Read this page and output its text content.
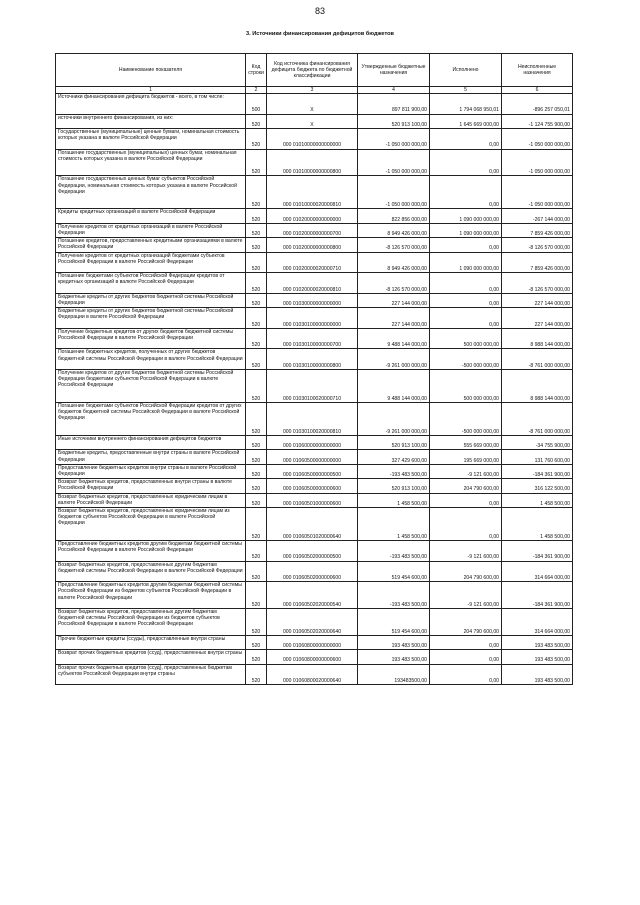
83
3. Источники финансирования дефицитов бюджетов
Наименование показателя	Код строки	Код источника финансирования дефицита бюджета по бюджетной классификации	Утвержденные бюджетные назначения	Исполнено	Неисполненные назначения
1	2	3	4	5	6
Источники финансирования дефицита бюджетов - всего, в том числе:	500	X	897 811 900,00	1 794 068 950,01	-896 257 050,01
источники внутреннего финансирования, из них:	520	X	520 913 100,00	1 645 669 000,00	-1 124 755 900,00
Государственные (муниципальные) ценные бумаги, номинальная стоимость которых указана в валюте Российской Федерации	520	000 01010000000000000	-1 050 000 000,00	0,00	-1 050 000 000,00
Погашение государственных (муниципальных) ценных бумаг, номинальная стоимость которых указана в валюте Российской Федерации	520	000 01010000000000800	-1 050 000 000,00	0,00	-1 050 000 000,00
Погашение государственных ценных бумаг субъектов Российской Федерации, номинальная стоимость которых указана в валюте Российской Федерации	520	000 01010000020000810	-1 050 000 000,00	0,00	-1 050 000 000,00
Кредиты кредитных организаций в валюте Российской Федерации	520	000 01020000000000000	822 856 000,00	1 090 000 000,00	-267 144 000,00
Получение кредитов от кредитных организаций в валюте Российской Федерации	520	000 01020000000000700	8 949 426 000,00	1 090 000 000,00	7 859 426 000,00
Погашение кредитов, предоставленных кредитными организациями в валюте Российской Федерации	520	000 01020000000000800	-8 126 570 000,00	0,00	-8 126 570 000,00
Получение кредитов от кредитных организаций бюджетами субъектов Российской Федерации в валюте Российской Федерации	520	000 01020000020000710	8 949 426 000,00	1 090 000 000,00	7 859 426 000,00
Погашение бюджетами субъектов Российской Федерации кредитов от кредитных организаций в валюте Российской Федерации	520	000 01020000020000810	-8 126 570 000,00	0,00	-8 126 570 000,00
Бюджетные кредиты от других бюджетов бюджетной системы Российской Федерации	520	000 01030000000000000	227 144 000,00	0,00	227 144 000,00
Бюджетные кредиты от других бюджетов бюджетной системы Российской Федерации в валюте Российской Федерации	520	000 01030100000000000	227 144 000,00	0,00	227 144 000,00
Получение бюджетных кредитов от других бюджетов бюджетной системы Российской Федерации в валюте Российской Федерации	520	000 01030100000000700	9 488 144 000,00	500 000 000,00	8 988 144 000,00
Погашение бюджетных кредитов, полученных от других бюджетов бюджетной системы Российской Федерации в валюте Российской Федерации	520	000 01030100000000800	-9 261 000 000,00	-500 000 000,00	-8 761 000 000,00
Получение кредитов от других бюджетов бюджетной системы Российской Федерации бюджетами субъектов Российской Федерации в валюте Российской Федерации	520	000 01030100020000710	9 488 144 000,00	500 000 000,00	8 988 144 000,00
Погашение бюджетами субъектов Российской Федерации кредитов от других бюджетов бюджетной системы Российской Федерации в валюте Российской Федерации	520	000 01030100020000810	-9 261 000 000,00	-500 000 000,00	-8 761 000 000,00
Иные источники внутреннего финансирования дефицитов бюджетов	520	000 01060000000000000	520 913 100,00	555 669 000,00	-34 755 900,00
Бюджетные кредиты, предоставленные внутри страны в валюте Российской Федерации	520	000 01060500000000000	327 429 600,00	195 669 000,00	131 760 600,00
Предоставление бюджетных кредитов внутри страны в валюте Российской Федерации	520	000 01060500000000500	-193 483 500,00	-9 121 600,00	-184 361 900,00
Возврат бюджетных кредитов, предоставленных внутри страны в валюте Российской Федерации	520	000 01060500000000600	520 913 100,00	204 790 600,00	316 122 500,00
Возврат бюджетных кредитов, предоставленных юридическим лицам в валюте Российской Федерации	520	000 01060501000000600	1 458 500,00	0,00	1 458 500,00
Возврат бюджетных кредитов, предоставленных юридическим лицам из бюджетов субъектов Российской Федерации в валюте Российской Федерации	520	000 01060501020000640	1 458 500,00	0,00	1 458 500,00
Предоставление бюджетных кредитов другим бюджетам бюджетной системы Российской Федерации в валюте Российской Федерации	520	000 01060502000000500	-193 483 500,00	-9 121 600,00	-184 361 900,00
Возврат бюджетных кредитов, предоставленных другим бюджетам бюджетной системы Российской Федерации в валюте Российской Федерации	520	000 01060502000000600	519 454 600,00	204 790 600,00	314 664 000,00
Предоставление бюджетных кредитов другим бюджетам бюджетной системы Российской Федерации из бюджетов субъектов Российской Федерации в валюте Российской Федерации	520	000 01060502020000540	-193 483 500,00	-9 121 600,00	-184 361 900,00
Возврат бюджетных кредитов, предоставленных другим бюджетам бюджетной системы Российской Федерации из бюджетов субъектов Российской Федерации в валюте Российской Федерации	520	000 01060502020000640	519 454 600,00	204 790 600,00	314 664 000,00
Прочие бюджетные кредиты (ссуды), предоставленные внутри страны	520	000 01060800000000000	193 483 500,00	0,00	193 483 500,00
Возврат прочих бюджетных кредитов (ссуд), предоставленных внутри страны	520	000 01060800000000600	193 483 500,00	0,00	193 483 500,00
Возврат прочих бюджетных кредитов (ссуд), предоставленных бюджетам субъектов Российской Федерации внутри страны	520	000 01060800020000640	193483500,00	0,00	193 483 500,00
